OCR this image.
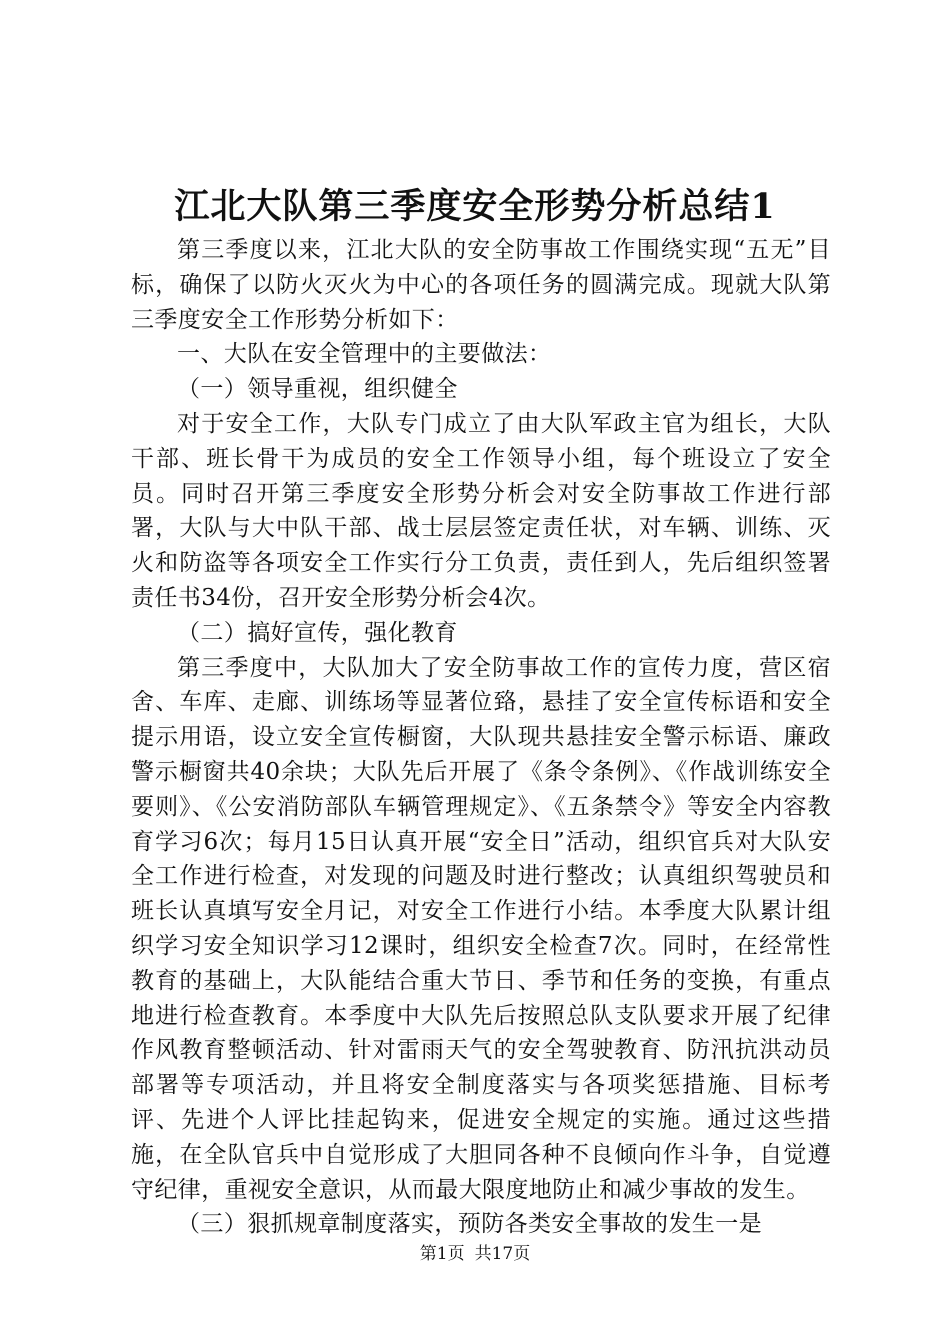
江北大队第三季度安全形势分析总结1

第三季度以来，江北大队的安全防事故工作围绕实现“五无”目标，确保了以防火灭火为中心的各项任务的圆满完成。现就大队第三季度安全工作形势分析如下：

一、大队在安全管理中的主要做法：

（一）领导重视，组织健全

对于安全工作，大队专门成立了由大队军政主官为组长，大队干部、班长骨干为成员的安全工作领导小组，每个班设立了安全员。同时召开第三季度安全形势分析会对安全防事故工作进行部署，大队与大中队干部、战士层层签定责任状，对车辆、训练、灭火和防盗等各项安全工作实行分工负责，责任到人，先后组织签署责任书34份，召开安全形势分析会4次。

（二）搞好宣传，强化教育

第三季度中，大队加大了安全防事故工作的宣传力度，营区宿舍、车库、走廊、训练场等显著位臵，悬挂了安全宣传标语和安全提示用语，设立安全宣传橱窗，大队现共悬挂安全警示标语、廉政警示橱窗共40余块；大队先后开展了《条令条例》、《作战训练安全要则》、《公安消防部队车辆管理规定》、《五条禁令》等安全内容教育学习6次；每月15日认真开展“安全日”活动，组织官兵对大队安全工作进行检查，对发现的问题及时进行整改；认真组织驾驶员和班长认真填写安全月记，对安全工作进行小结。本季度大队累计组织学习安全知识学习12课时，组织安全检查7次。同时，在经常性教育的基础上，大队能结合重大节日、季节和任务的变换，有重点地进行检查教育。本季度中大队先后按照总队支队要求开展了纪律作风教育整顿活动、针对雷雨天气的安全驾驶教育、防汛抗洪动员部署等专项活动，并且将安全制度落实与各项奖惩措施、目标考评、先进个人评比挂起钩来，促进安全规定的实施。通过这些措施，在全队官兵中自觉形成了大胆同各种不良倾向作斗争，自觉遵守纪律，重视安全意识，从而最大限度地防止和减少事故的发生。

（三）狠抓规章制度落实，预防各类安全事故的发生一是

第1页 共17页
